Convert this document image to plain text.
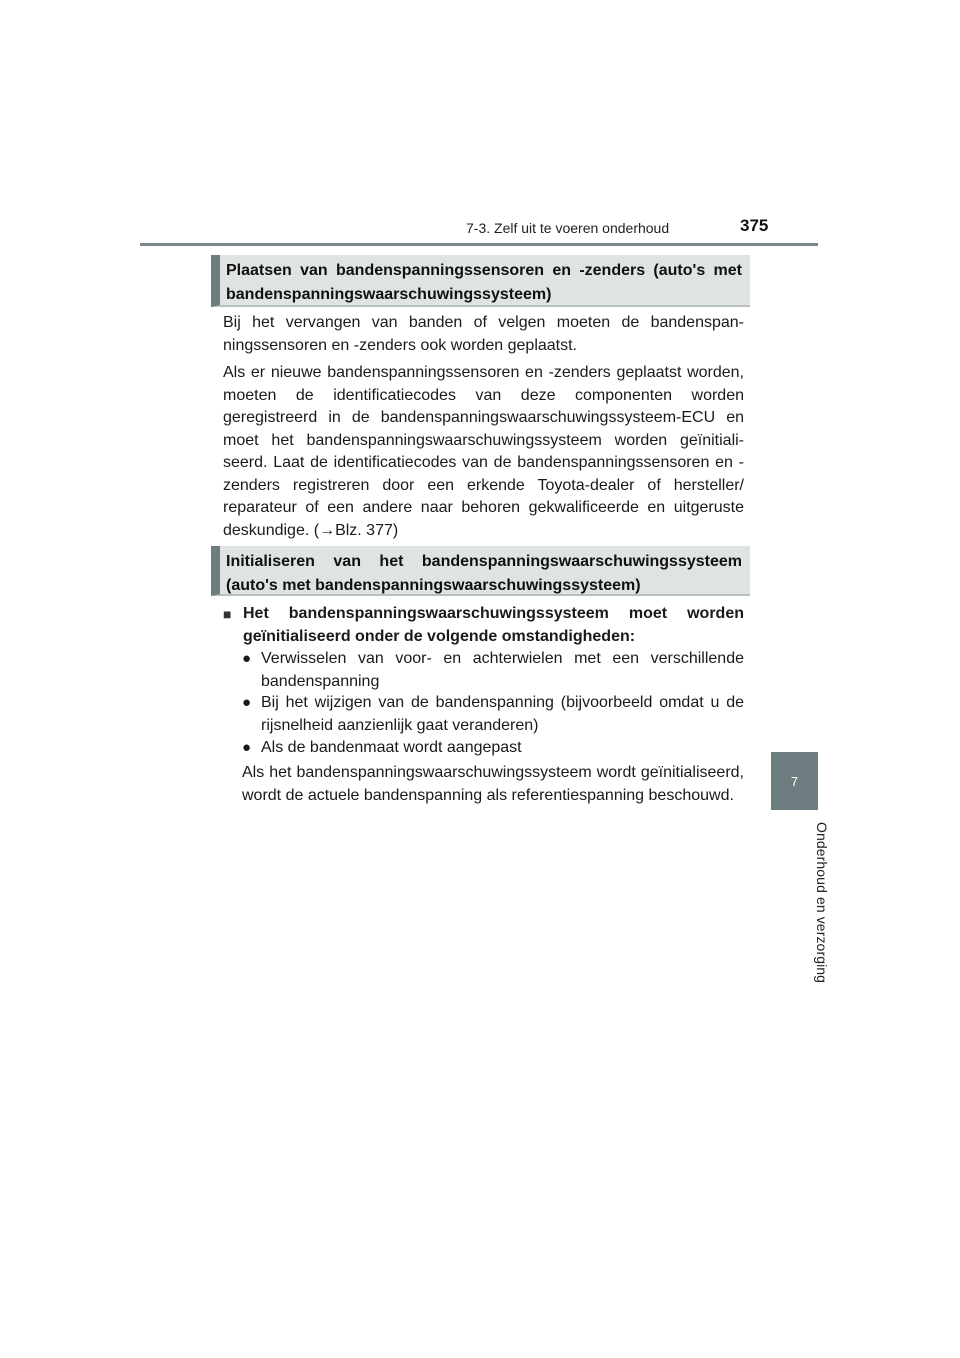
7-3. Zelf uit te voeren onderhoud	375
7
Onderhoud en verzorging
Plaatsen van bandenspanningssensoren en -zenders (auto's met bandenspanningswaarschuwingssysteem)

Bij het vervangen van banden of velgen moeten de bandenspanningssensoren en -zenders ook worden geplaatst.

Als er nieuwe bandenspanningssensoren en -zenders geplaatst worden, moeten de identificatiecodes van deze componenten worden geregistreerd in de bandenspanningswaarschuwingssysteem-ECU en moet het bandenspanningswaarschuwingssysteem worden geïnitialiseerd. Laat de identificatiecodes van de bandenspanningssensoren en -zenders registreren door een erkende Toyota-dealer of hersteller/​reparateur of een andere naar behoren gekwalificeerde en uitgeruste deskundige. (→Blz. 377)

Initialiseren van het bandenspanningswaarschuwingssysteem (auto's met bandenspanningswaarschuwingssysteem)
■ Het bandenspanningswaarschuwingssysteem moet worden geïnitialiseerd onder de volgende omstandigheden:
● Verwisselen van voor- en achterwielen met een verschillende bandenspanning
● Bij het wijzigen van de bandenspanning (bijvoorbeeld omdat u de rijsnelheid aanzienlijk gaat veranderen)
● Als de bandenmaat wordt aangepast

Als het bandenspanningswaarschuwingssysteem wordt geïnitialiseerd, wordt de actuele bandenspanning als referentiespanning beschouwd.
